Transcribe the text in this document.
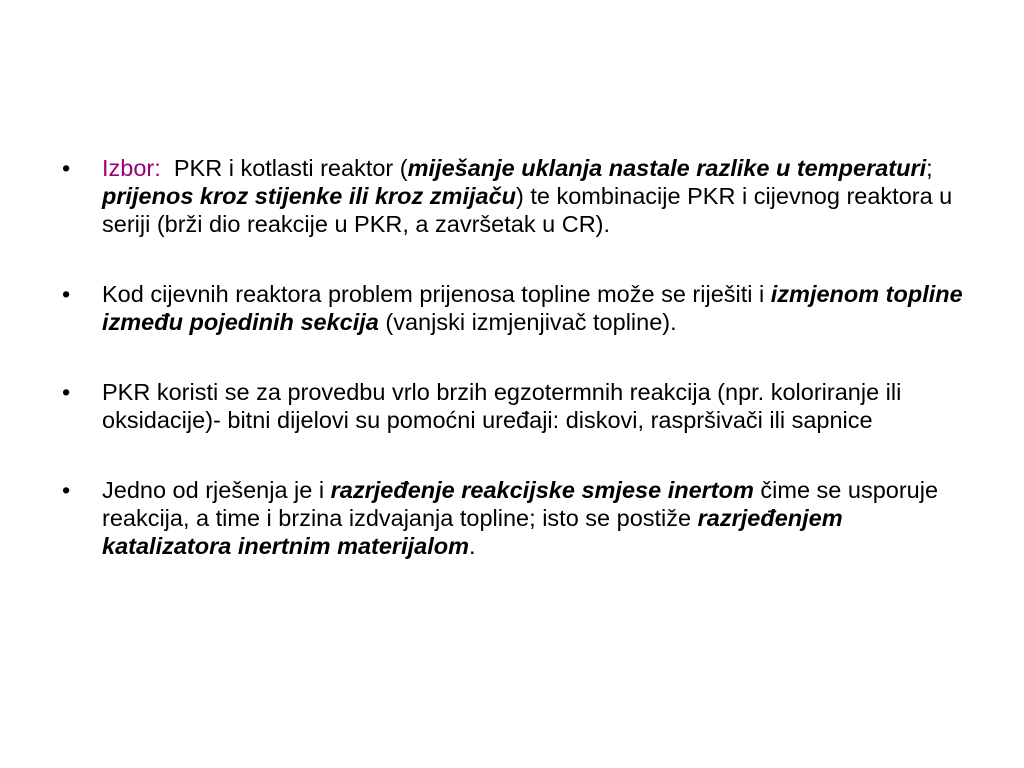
•	Izbor: PKR i kotlasti reaktor (miješanje uklanja nastale razlike u temperaturi; prijenos kroz stijenke ili kroz zmijaču) te kombinacije PKR i cijevnog reaktora u seriji (brži dio reakcije u PKR, a završetak u CR).
•	Kod cijevnih reaktora problem prijenosa topline može se riješiti i izmjenom topline između pojedinih sekcija (vanjski izmjenjivač topline).
•	PKR koristi se za provedbu vrlo brzih egzotermnih reakcija (npr. koloriranje ili oksidacije)- bitni dijelovi su pomoćni uređaji: diskovi, raspršivači ili sapnice
•	Jedno od rješenja je i razrjeđenje reakcijske smjese inertom čime se usporuje reakcija, a time i brzina izdvajanja topline; isto se postiže razrjeđenjem katalizatora inertnim materijalom.
